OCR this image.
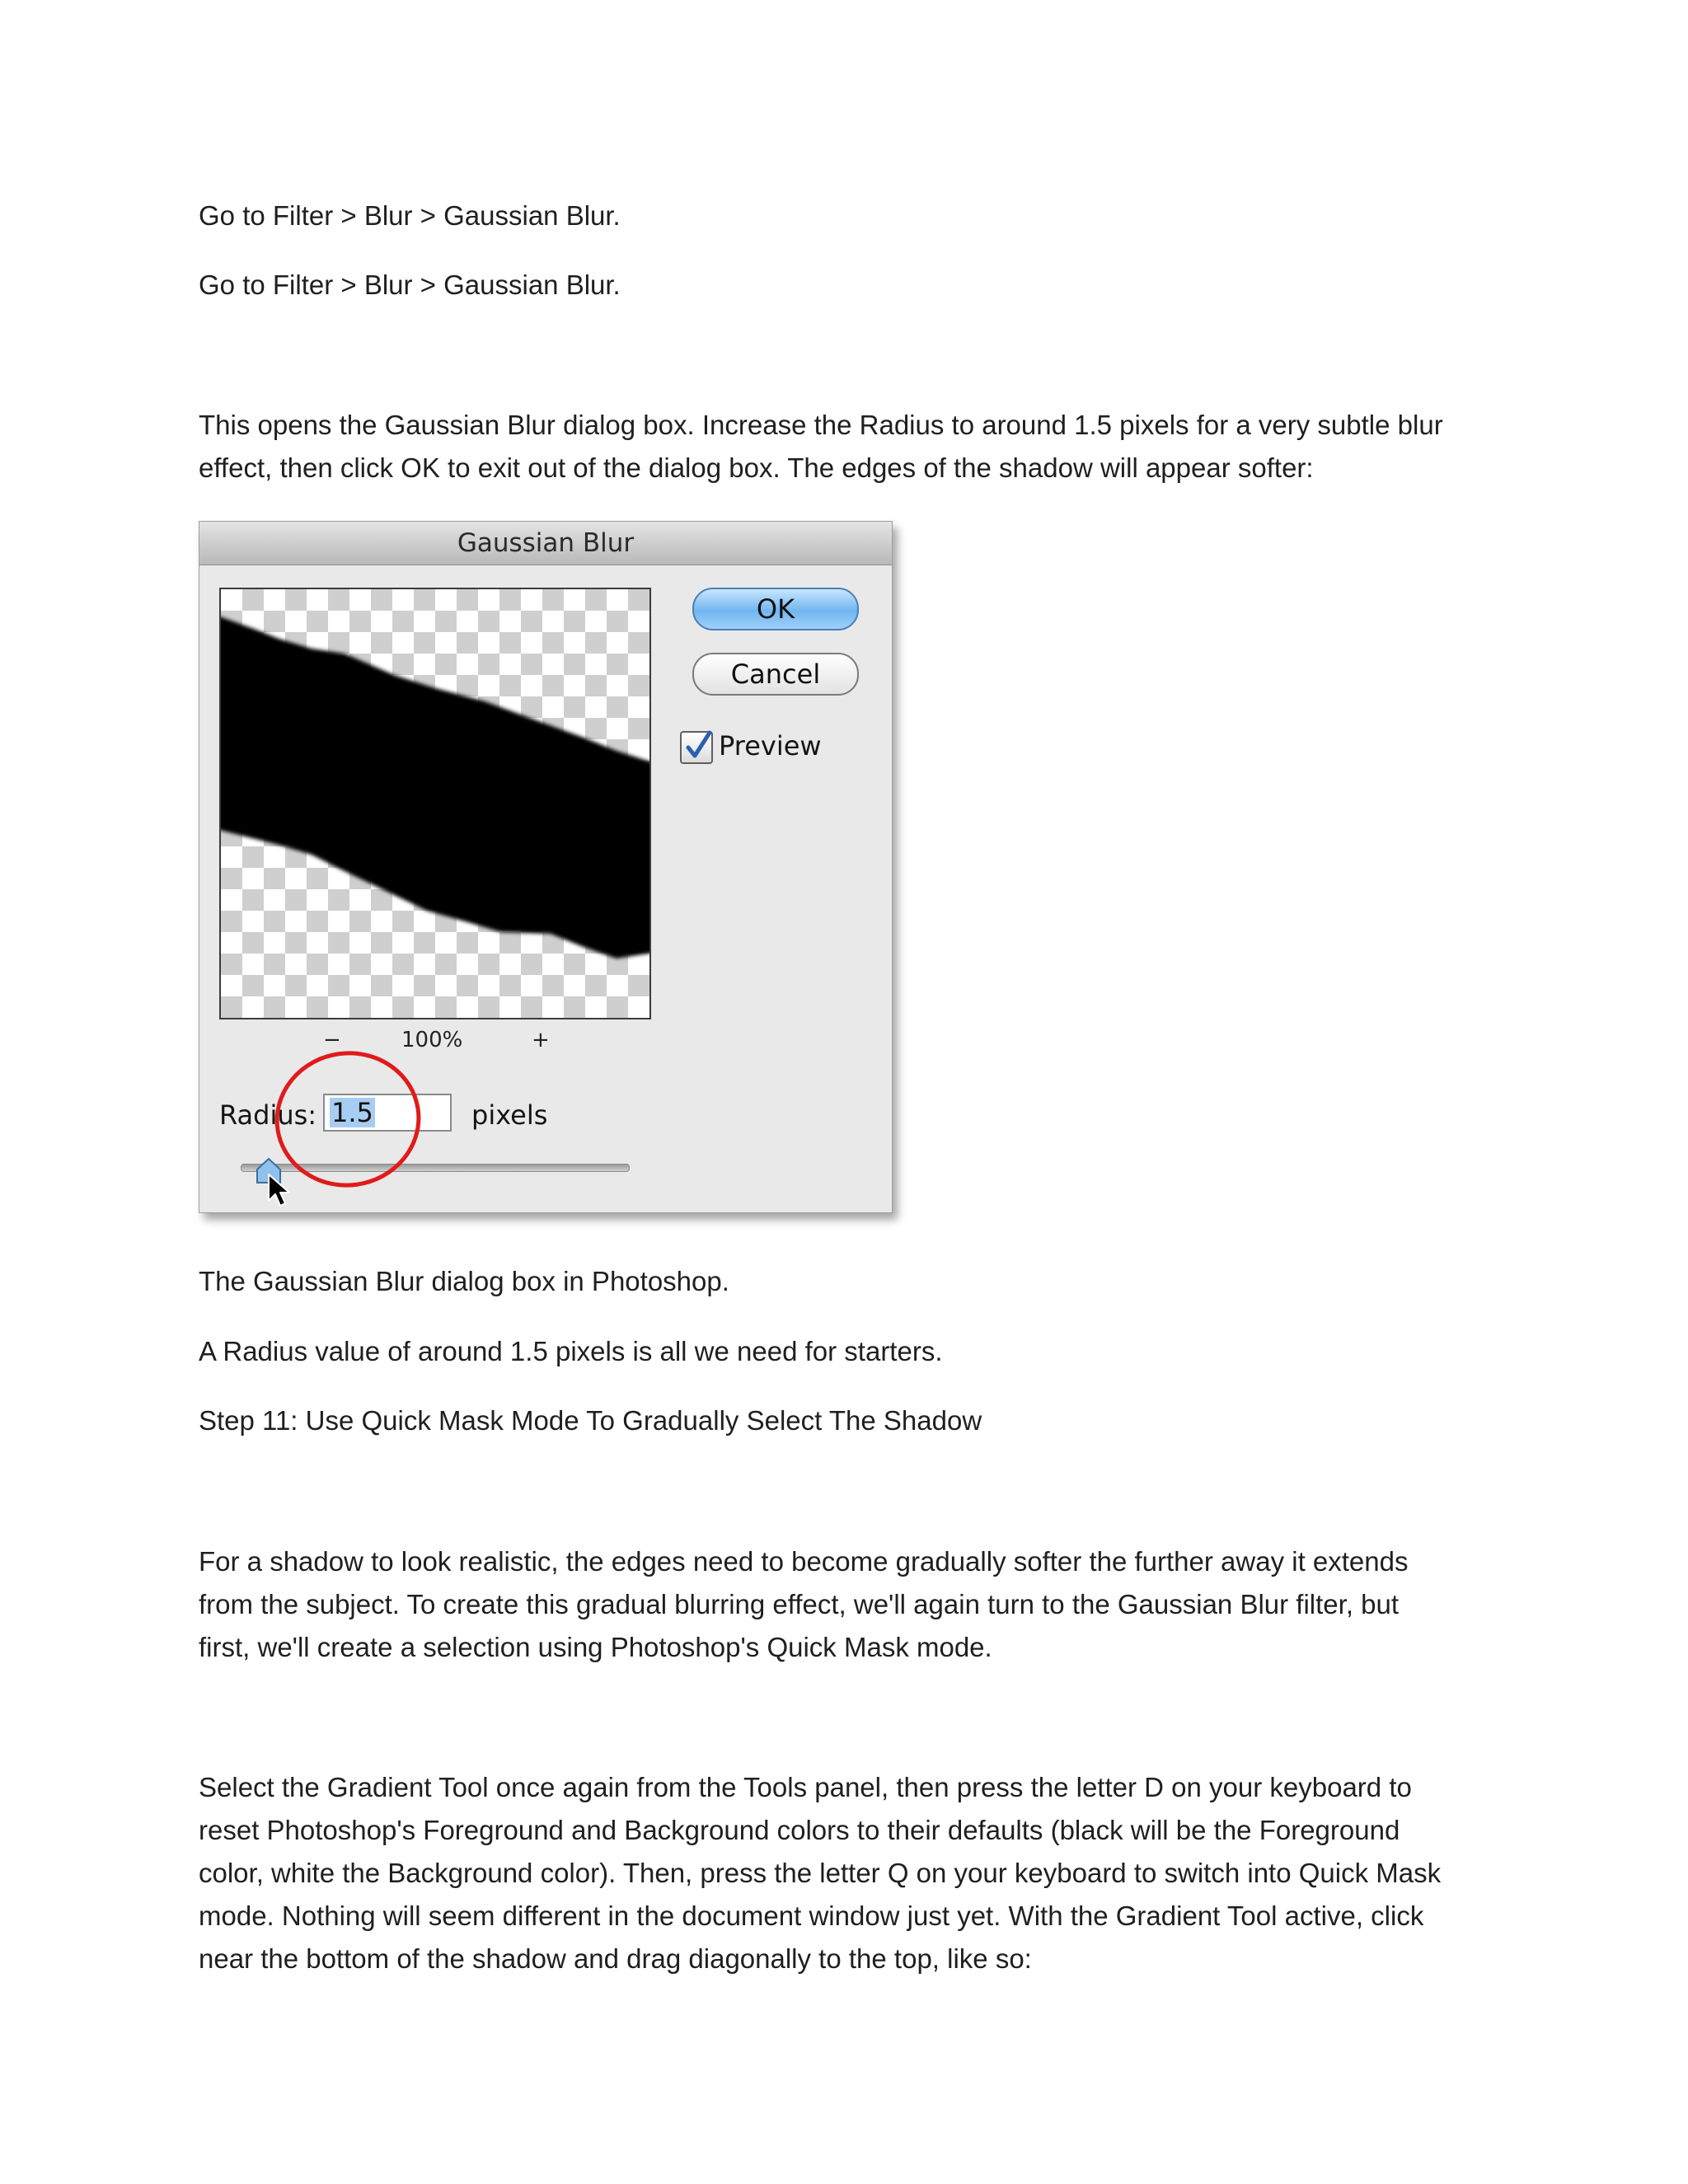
Go to Filter > Blur > Gaussian Blur.

Go to Filter > Blur > Gaussian Blur.

This opens the Gaussian Blur dialog box. Increase the Radius to around 1.5 pixels for a very subtle blur

effect, then click OK to exit out of the dialog box. The edges of the shadow will appear softer:

Gaussian Blur
OK
Cancel
Preview
−	100%	+
Radius: 1.5	pixels

The Gaussian Blur dialog box in Photoshop.

A Radius value of around 1.5 pixels is all we need for starters.

Step 11: Use Quick Mask Mode To Gradually Select The Shadow

For a shadow to look realistic, the edges need to become gradually softer the further away it extends

from the subject. To create this gradual blurring effect, we'll again turn to the Gaussian Blur filter, but

first, we'll create a selection using Photoshop's Quick Mask mode.

Select the Gradient Tool once again from the Tools panel, then press the letter D on your keyboard to

reset Photoshop's Foreground and Background colors to their defaults (black will be the Foreground

color, white the Background color). Then, press the letter Q on your keyboard to switch into Quick Mask

mode. Nothing will seem different in the document window just yet. With the Gradient Tool active, click

near the bottom of the shadow and drag diagonally to the top, like so:
